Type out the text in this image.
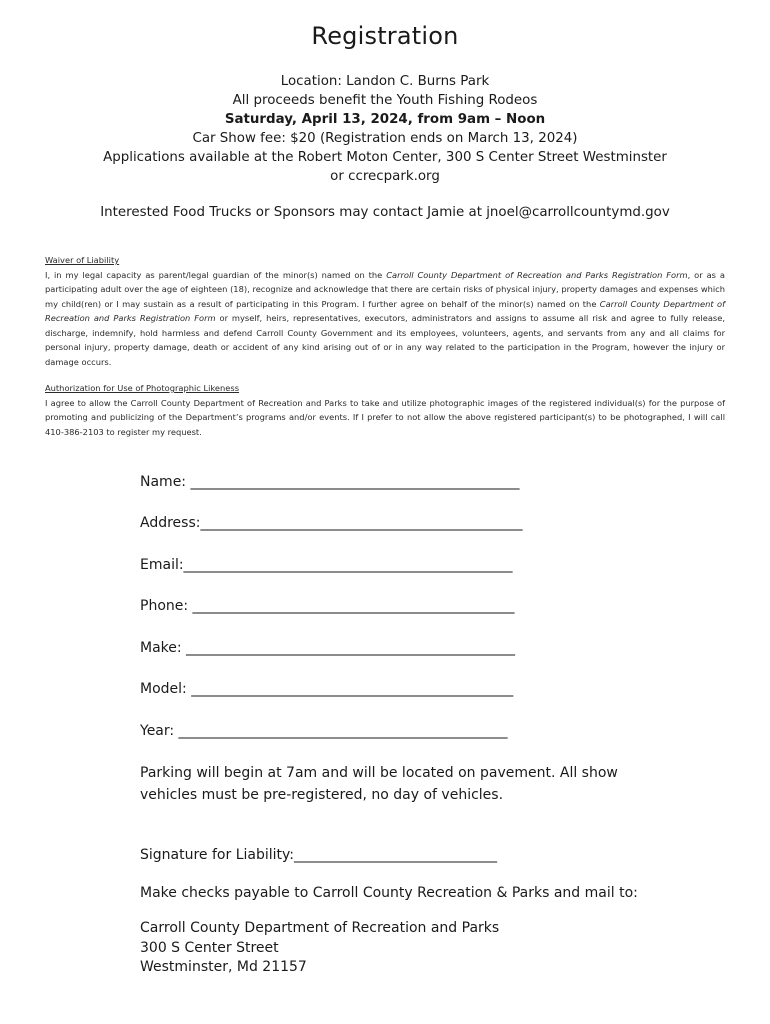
Registration
Location: Landon C. Burns Park
All proceeds benefit the Youth Fishing Rodeos
Saturday, April 13, 2024, from 9am – Noon
Car Show fee: $20 (Registration ends on March 13, 2024)
Applications available at the Robert Moton Center, 300 S Center Street Westminster
or ccrecpark.org
Interested Food Trucks or Sponsors may contact Jamie at jnoel@carrollcountymd.gov
Waiver of Liability

I, in my legal capacity as parent/legal guardian of the minor(s) named on the Carroll County Department of Recreation and Parks Registration Form, or as a participating adult over the age of eighteen (18), recognize and acknowledge that there are certain risks of physical injury, property damages and expenses which my child(ren) or I may sustain as a result of participating in this Program. I further agree on behalf of the minor(s) named on the Carroll County Department of Recreation and Parks Registration Form or myself, heirs, representatives, executors, administrators and assigns to assume all risk and agree to fully release, discharge, indemnify, hold harmless and defend Carroll County Government and its employees, volunteers, agents, and servants from any and all claims for personal injury, property damage, death or accident of any kind arising out of or in any way related to the participation in the Program, however the injury or damage occurs.

Authorization for Use of Photographic Likeness

I agree to allow the Carroll County Department of Recreation and Parks to take and utilize photographic images of the registered individual(s) for the purpose of promoting and publicizing of the Department’s programs and/or events. If I prefer to not allow the above registered participant(s) to be photographed, I will call 410-386-2103 to register my request.

Name: _______________________________________________
Address:______________________________________________
Email:_______________________________________________
Phone: ______________________________________________
Make: _______________________________________________
Model: ______________________________________________
Year: _______________________________________________
Parking will begin at 7am and will be located on pavement. All show
vehicles must be pre-registered, no day of vehicles.
Signature for Liability:_____________________________
Make checks payable to Carroll County Recreation & Parks and mail to:
Carroll County Department of Recreation and Parks
300 S Center Street
Westminster, Md 21157
